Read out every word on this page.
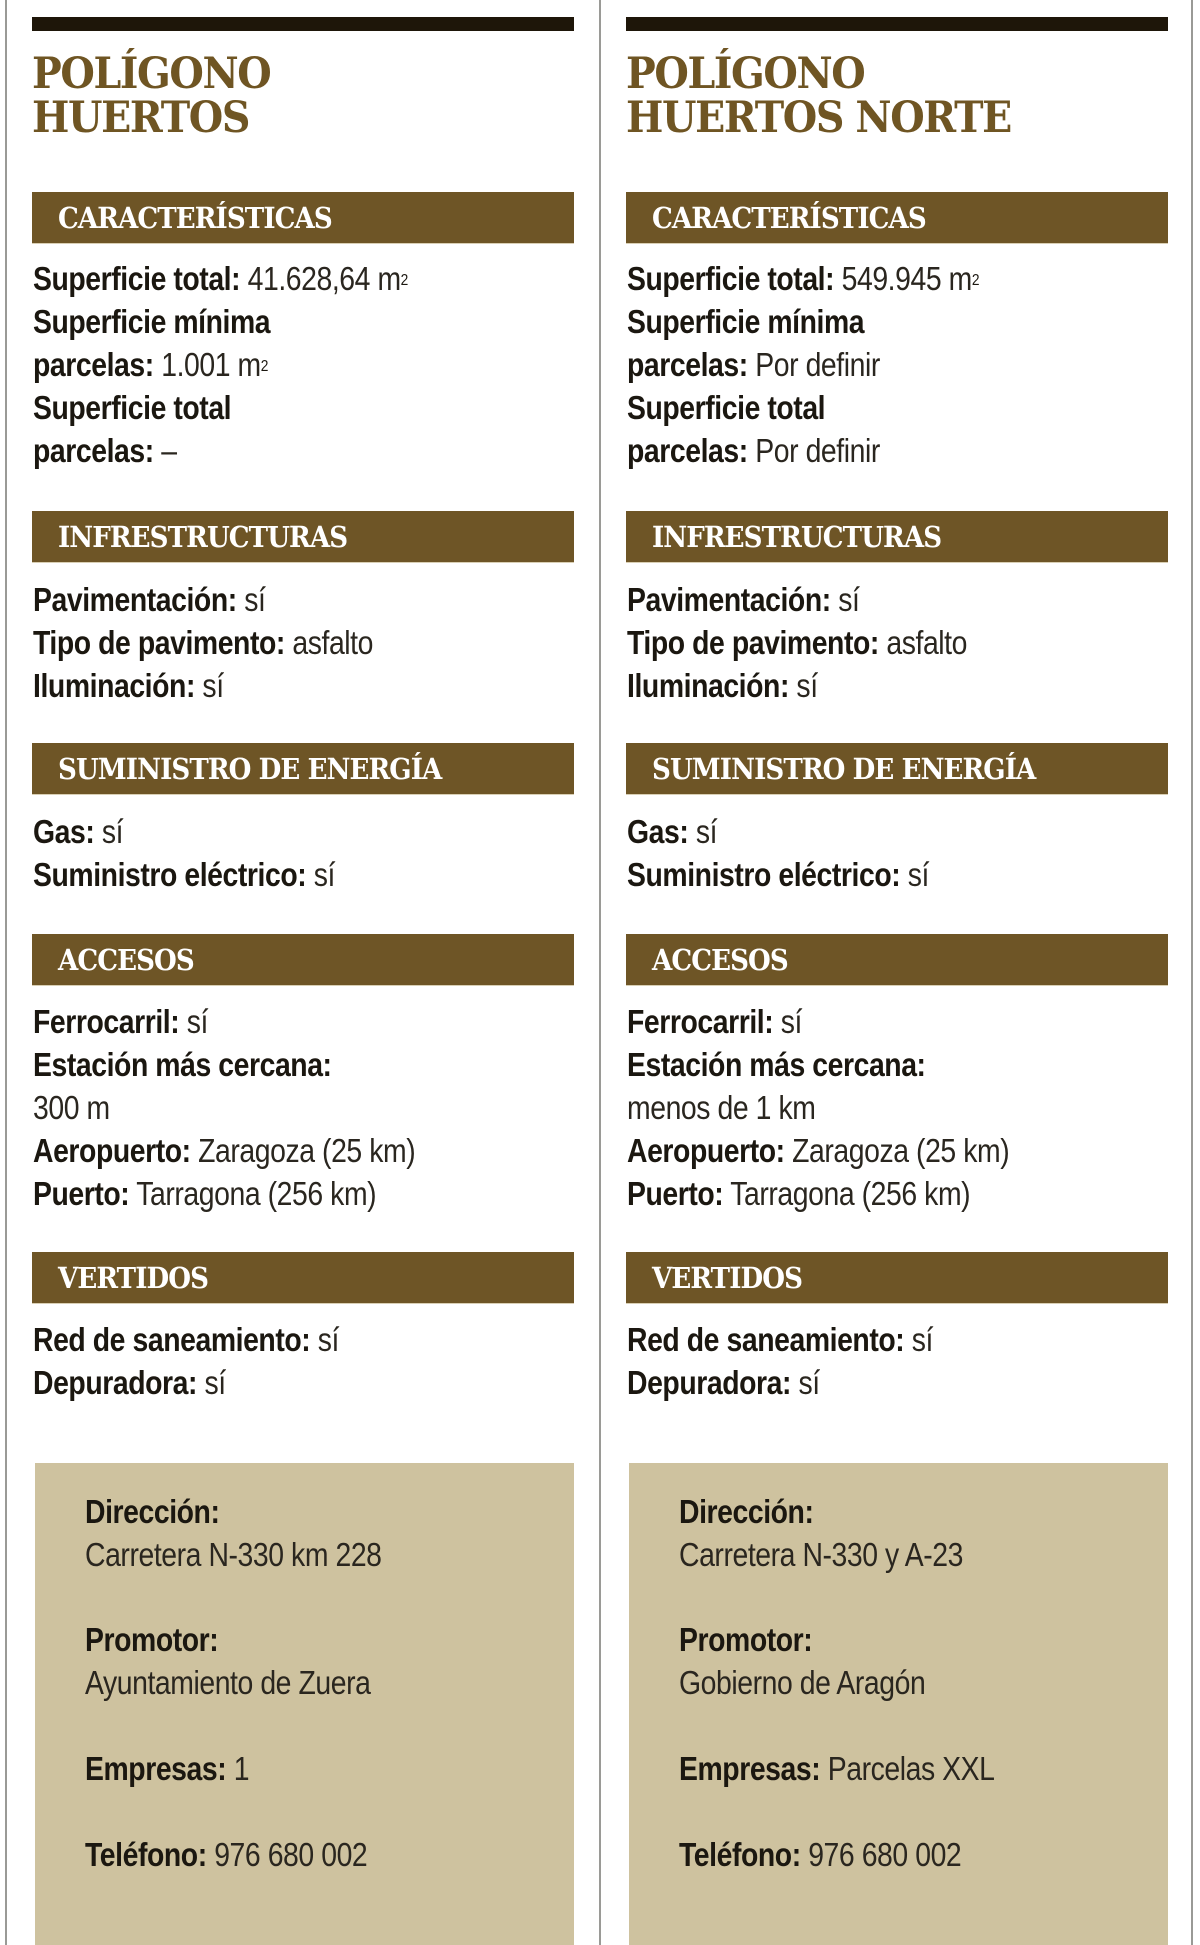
POLÍGONO
HUERTOS
CARACTERÍSTICAS
Superficie total: 41.628,64 $m^2$
Superficie mínima
parcelas: 1.001 $m^2$
Superficie total
parcelas: –
INFRESTRUCTURAS
Pavimentación: sí
Tipo de pavimento: asfalto
Iluminación: sí
SUMINISTRO DE ENERGÍA
Gas: sí
Suministro eléctrico: sí
ACCESOS
Ferrocarril: sí
Estación más cercana:
300 m
Aeropuerto: Zaragoza (25 km)
Puerto: Tarragona (256 km)
VERTIDOS
Red de saneamiento: sí
Depuradora: sí
Dirección:
Carretera N-330 km 228
Promotor:
Ayuntamiento de Zuera
Empresas: 1
Teléfono: 976 680 002
POLÍGONO
HUERTOS NORTE
CARACTERÍSTICAS
Superficie total: 549.945 $m^2$
Superficie mínima
parcelas: Por definir
Superficie total
parcelas: Por definir
INFRESTRUCTURAS
Pavimentación: sí
Tipo de pavimento: asfalto
Iluminación: sí
SUMINISTRO DE ENERGÍA
Gas: sí
Suministro eléctrico: sí
ACCESOS
Ferrocarril: sí
Estación más cercana:
menos de 1 km
Aeropuerto: Zaragoza (25 km)
Puerto: Tarragona (256 km)
VERTIDOS
Red de saneamiento: sí
Depuradora: sí
Dirección:
Carretera N-330 y A-23
Promotor:
Gobierno de Aragón
Empresas: Parcelas XXL
Teléfono: 976 680 002
